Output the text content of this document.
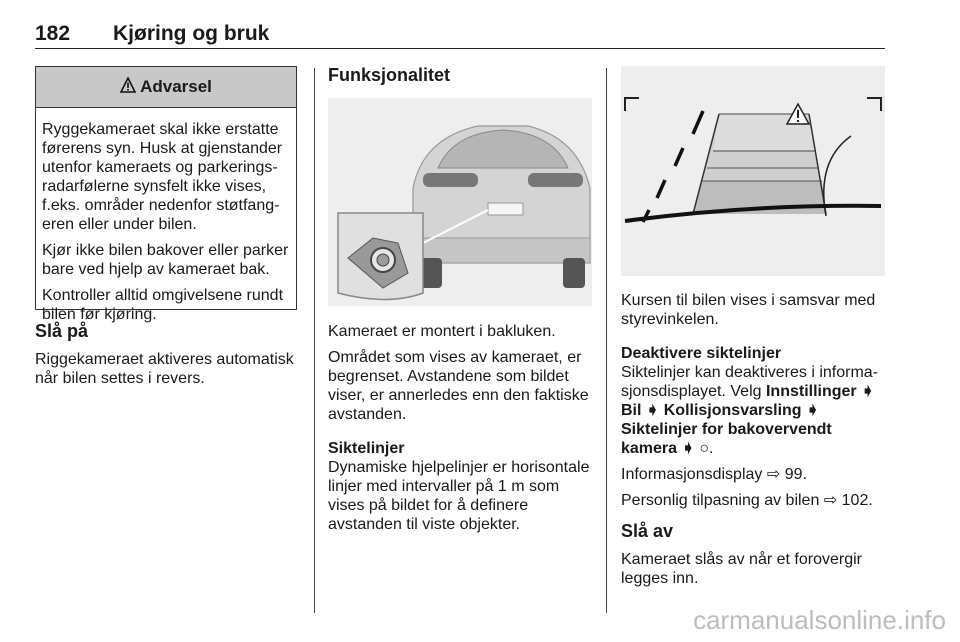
182 Kjøring og bruk
Advarsel

Ryggekameraet skal ikke erstatte førerens syn. Husk at gjenstander utenfor kameraets og parkerings-radarfølerne synsfelt ikke vises, f.eks. områder nedenfor støtfang-eren eller under bilen.

Kjør ikke bilen bakover eller parker bare ved hjelp av kameraet bak.

Kontroller alltid omgivelsene rundt bilen før kjøring.

Slå på

Riggekameraet aktiveres automatisk når bilen settes i revers.

Funksjonalitet

Kameraet er montert i bakluken.

Området som vises av kameraet, er begrenset. Avstandene som bildet viser, er annerledes enn den faktiske avstanden.

Siktelinjer

Dynamiske hjelpelinjer er horisontale linjer med intervaller på 1 m som vises på bildet for å definere avstanden til viste objekter.

Kursen til bilen vises i samsvar med styrevinkelen.

Deaktivere siktelinjer

Siktelinjer kan deaktiveres i informa-sjonsdisplayet. Velg Innstillinger ➧ Bil ➧ Kollisjonsvarsling ➧ Siktelinjer for bakovervendt kamera ➧ ○.

Informasjonsdisplay ⇨ 99.

Personlig tilpasning av bilen ⇨ 102.

Slå av

Kameraet slås av når et forovergir legges inn.

carmanualsonline.info
